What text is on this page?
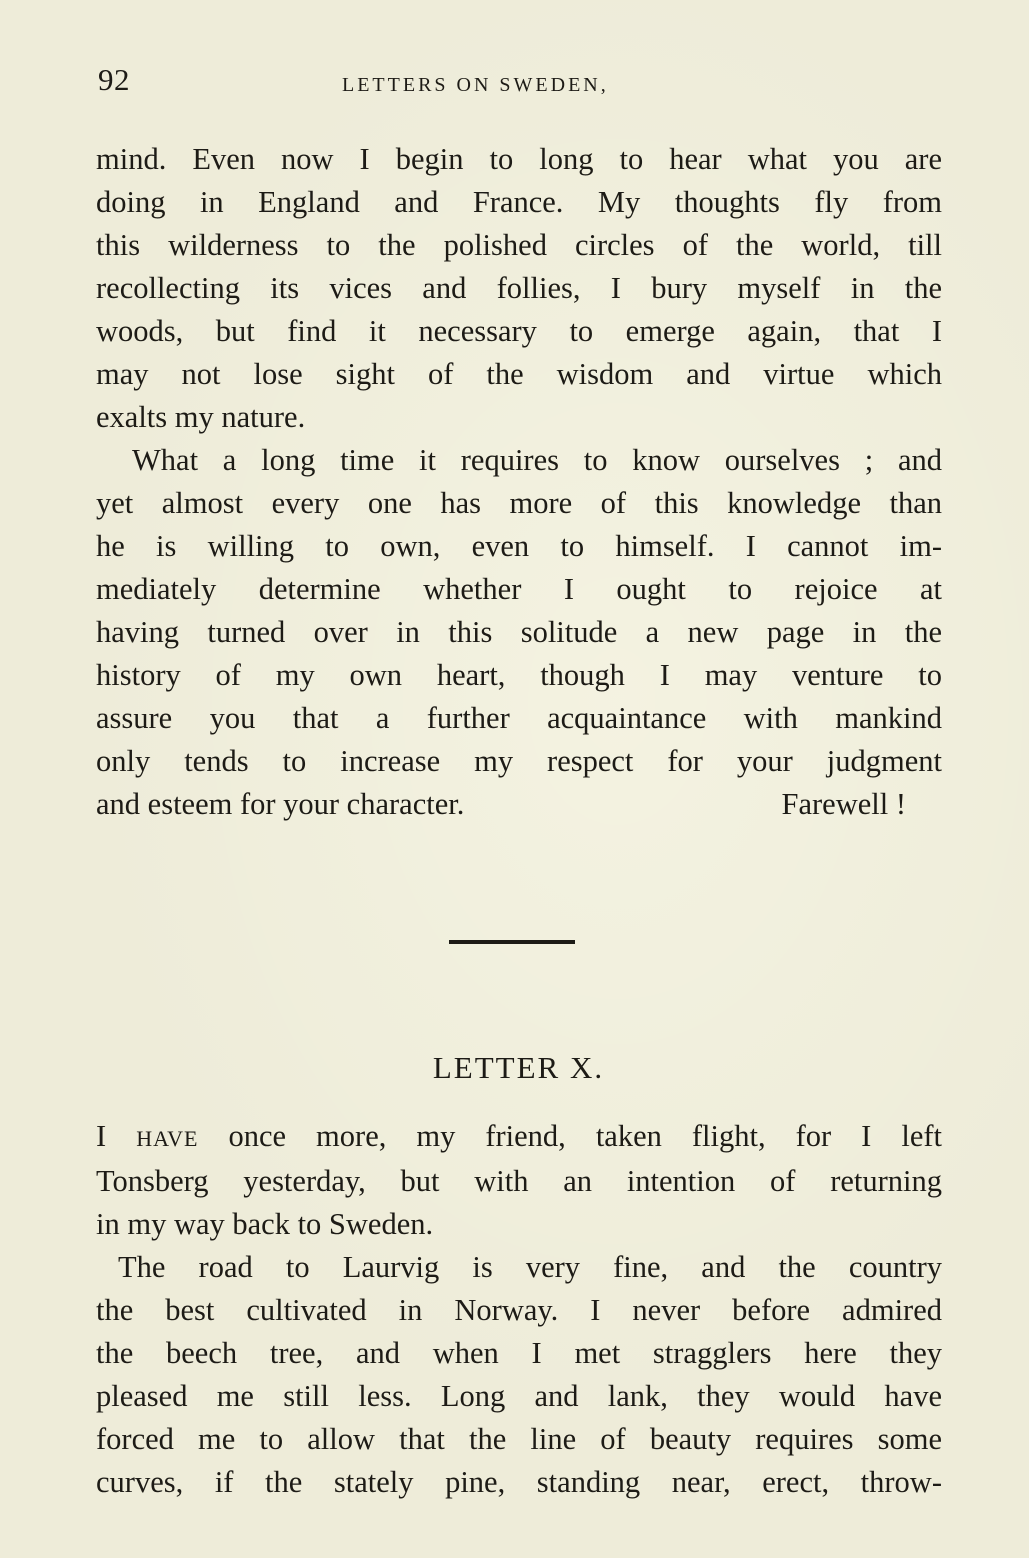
92	LETTERS ON SWEDEN,
mind. Even now I begin to long to hear what you are
doing in England and France. My thoughts fly from
this wilderness to the polished circles of the world, till
recollecting its vices and follies, I bury myself in the
woods, but find it necessary to emerge again, that I
may not lose sight of the wisdom and virtue which
exalts my nature.
What a long time it requires to know ourselves ; and
yet almost every one has more of this knowledge than
he is willing to own, even to himself. I cannot im-
mediately determine whether I ought to rejoice at
having turned over in this solitude a new page in the
history of my own heart, though I may venture to
assure you that a further acquaintance with mankind
only tends to increase my respect for your judgment
and esteem for your character.	Farewell !
LETTER X.
I HAVE once more, my friend, taken flight, for I left
Tonsberg yesterday, but with an intention of returning
in my way back to Sweden.
The road to Laurvig is very fine, and the country
the best cultivated in Norway. I never before admired
the beech tree, and when I met stragglers here they
pleased me still less. Long and lank, they would have
forced me to allow that the line of beauty requires some
curves, if the stately pine, standing near, erect, throw-
